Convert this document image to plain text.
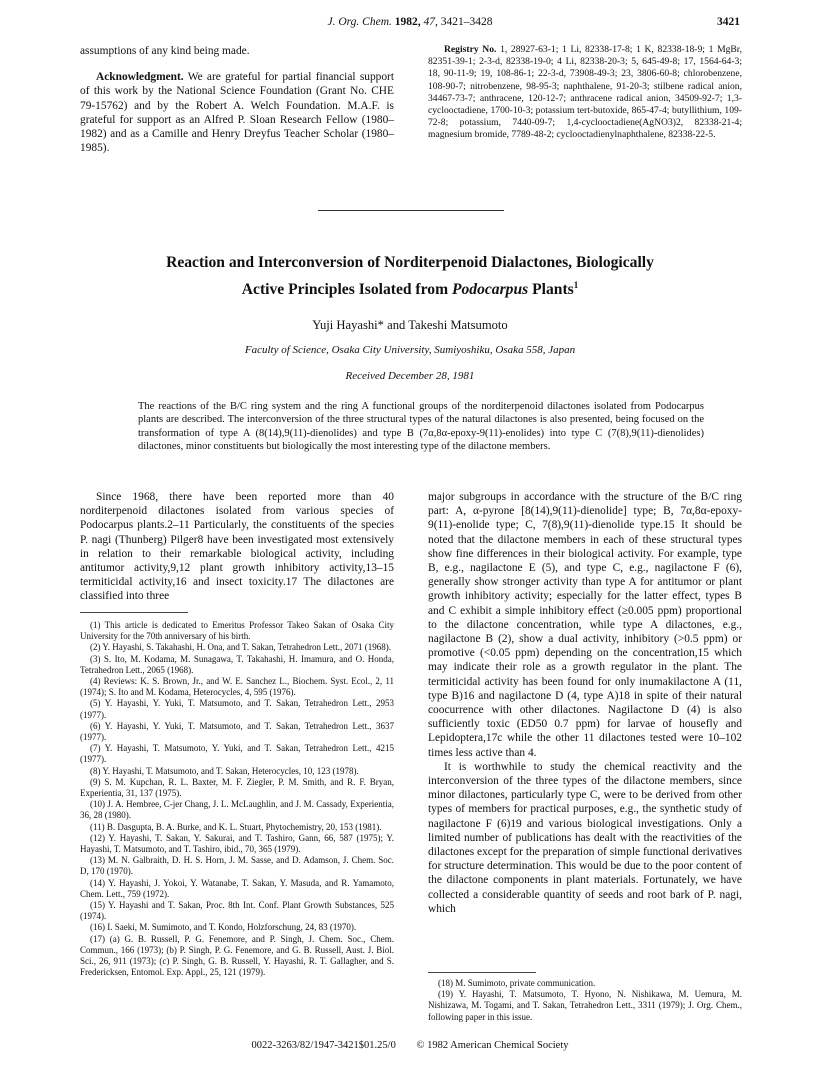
J. Org. Chem. 1982, 47, 3421–3428	3421

assumptions of any kind being made.

Acknowledgment. We are grateful for partial financial support of this work by the National Science Foundation (Grant No. CHE 79-15762) and by the Robert A. Welch Foundation. M.A.F. is grateful for support as an Alfred P. Sloan Research Fellow (1980–1982) and as a Camille and Henry Dreyfus Teacher Scholar (1980–1985).

Registry No. 1, 28927-63-1; 1 Li, 82338-17-8; 1 K, 82338-18-9; 1 MgBr, 82351-39-1; 2-3-d, 82338-19-0; 4 Li, 82338-20-3; 5, 645-49-8; 17, 1564-64-3; 18, 90-11-9; 19, 108-86-1; 22-3-d, 73908-49-3; 23, 3806-60-8; chlorobenzene, 108-90-7; nitrobenzene, 98-95-3; naphthalene, 91-20-3; stilbene radical anion, 34467-73-7; anthracene, 120-12-7; anthracene radical anion, 34509-92-7; 1,3-cyclooctadiene, 1700-10-3; potassium tert-butoxide, 865-47-4; butyllithium, 109-72-8; potassium, 7440-09-7; 1,4-cyclooctadiene(AgNO3)2, 82338-21-4; magnesium bromide, 7789-48-2; cyclooctadienylnaphthalene, 82338-22-5.

Reaction and Interconversion of Norditerpenoid Dialactones, Biologically
Active Principles Isolated from Podocarpus Plants$^1$
Yuji Hayashi* and Takeshi Matsumoto
Faculty of Science, Osaka City University, Sumiyoshiku, Osaka 558, Japan
Received December 28, 1981
The reactions of the B/C ring system and the ring A functional groups of the norditerpenoid dilactones isolated from Podocarpus plants are described. The interconversion of the three structural types of the natural dilactones is also presented, being focused on the transformation of type A (8(14),9(11)-dienolides) and type B (7α,8α-epoxy-9(11)-enolides) into type C (7(8),9(11)-dienolides) dilactones, minor constituents but biologically the most interesting type of the dilactone members.

Since 1968, there have been reported more than 40 norditerpenoid dilactones isolated from various species of Podocarpus plants.2–11 Particularly, the constituents of the species P. nagi (Thunberg) Pilger8 have been investigated most extensively in relation to their remarkable biological activity, including antitumor activity,9,12 plant growth inhibitory activity,13–15 termiticidal activity,16 and insect toxicity.17 The dilactones are classified into three

(1) This article is dedicated to Emeritus Professor Takeo Sakan of Osaka City University for the 70th anniversary of his birth.

(2) Y. Hayashi, S. Takahashi, H. Ona, and T. Sakan, Tetrahedron Lett., 2071 (1968).

(3) S. Ito, M. Kodama, M. Sunagawa, T. Takahashi, H. Imamura, and O. Honda, Tetrahedron Lett., 2065 (1968).

(4) Reviews: K. S. Brown, Jr., and W. E. Sanchez L., Biochem. Syst. Ecol., 2, 11 (1974); S. Ito and M. Kodama, Heterocycles, 4, 595 (1976).

(5) Y. Hayashi, Y. Yuki, T. Matsumoto, and T. Sakan, Tetrahedron Lett., 2953 (1977).

(6) Y. Hayashi, Y. Yuki, T. Matsumoto, and T. Sakan, Tetrahedron Lett., 3637 (1977).

(7) Y. Hayashi, T. Matsumoto, Y. Yuki, and T. Sakan, Tetrahedron Lett., 4215 (1977).

(8) Y. Hayashi, T. Matsumoto, and T. Sakan, Heterocycles, 10, 123 (1978).

(9) S. M. Kupchan, R. L. Baxter, M. F. Ziegler, P. M. Smith, and R. F. Bryan, Experientia, 31, 137 (1975).

(10) J. A. Hembree, C-jer Chang, J. L. McLaughlin, and J. M. Cassady, Experientia, 36, 28 (1980).

(11) B. Dasgupta, B. A. Burke, and K. L. Stuart, Phytochemistry, 20, 153 (1981).

(12) Y. Hayashi, T. Sakan, Y. Sakurai, and T. Tashiro, Gann, 66, 587 (1975); Y. Hayashi, T. Matsumoto, and T. Tashiro, ibid., 70, 365 (1979).

(13) M. N. Galbraith, D. H. S. Horn, J. M. Sasse, and D. Adamson, J. Chem. Soc. D, 170 (1970).

(14) Y. Hayashi, J. Yokoi, Y. Watanabe, T. Sakan, Y. Masuda, and R. Yamamoto, Chem. Lett., 759 (1972).

(15) Y. Hayashi and T. Sakan, Proc. 8th Int. Conf. Plant Growth Substances, 525 (1974).

(16) I. Saeki, M. Sumimoto, and T. Kondo, Holzforschung, 24, 83 (1970).

(17) (a) G. B. Russell, P. G. Fenemore, and P. Singh, J. Chem. Soc., Chem. Commun., 166 (1973); (b) P. Singh, P. G. Fenemore, and G. B. Russell, Aust. J. Biol. Sci., 26, 911 (1973); (c) P. Singh, G. B. Russell, Y. Hayashi, R. T. Gallagher, and S. Fredericksen, Entomol. Exp. Appl., 25, 121 (1979).

major subgroups in accordance with the structure of the B/C ring part: A, α-pyrone [8(14),9(11)-dienolide] type; B, 7α,8α-epoxy-9(11)-enolide type; C, 7(8),9(11)-dienolide type.15 It should be noted that the dilactone members in each of these structural types show fine differences in their biological activity. For example, type B, e.g., nagilactone E (5), and type C, e.g., nagilactone F (6), generally show stronger activity than type A for antitumor or plant growth inhibitory activity; especially for the latter effect, types B and C exhibit a simple inhibitory effect (≥0.005 ppm) proportional to the dilactone concentration, while type A dilactones, e.g., nagilactone B (2), show a dual activity, inhibitory (>0.5 ppm) or promotive (<0.05 ppm) depending on the concentration,15 which may indicate their role as a growth regulator in the plant. The termiticidal activity has been found for only inumakilactone A (11, type B)16 and nagilactone D (4, type A)18 in spite of their natural coocurrence with other dilactones. Nagilactone D (4) is also sufficiently toxic (ED50 0.7 ppm) for larvae of housefly and Lepidoptera,17c while the other 11 dilactones tested were 10–102 times less active than 4.

It is worthwhile to study the chemical reactivity and the interconversion of the three types of the dilactone members, since minor dilactones, particularly type C, were to be derived from other types of members for practical purposes, e.g., the synthetic study of nagilactone F (6)19 and various biological investigations. Only a limited number of publications has dealt with the reactivities of the dilactones except for the preparation of simple functional derivatives for structure determination. This would be due to the poor content of the dilactone components in plant materials. Fortunately, we have collected a considerable quantity of seeds and root bark of P. nagi, which

(18) M. Sumimoto, private communication.

(19) Y. Hayashi, T. Matsumoto, T. Hyono, N. Nishikawa, M. Uemura, M. Nishizawa, M. Togami, and T. Sakan, Tetrahedron Lett., 3311 (1979); J. Org. Chem., following paper in this issue.

0022-3263/82/1947-3421$01.25/0 © 1982 American Chemical Society
